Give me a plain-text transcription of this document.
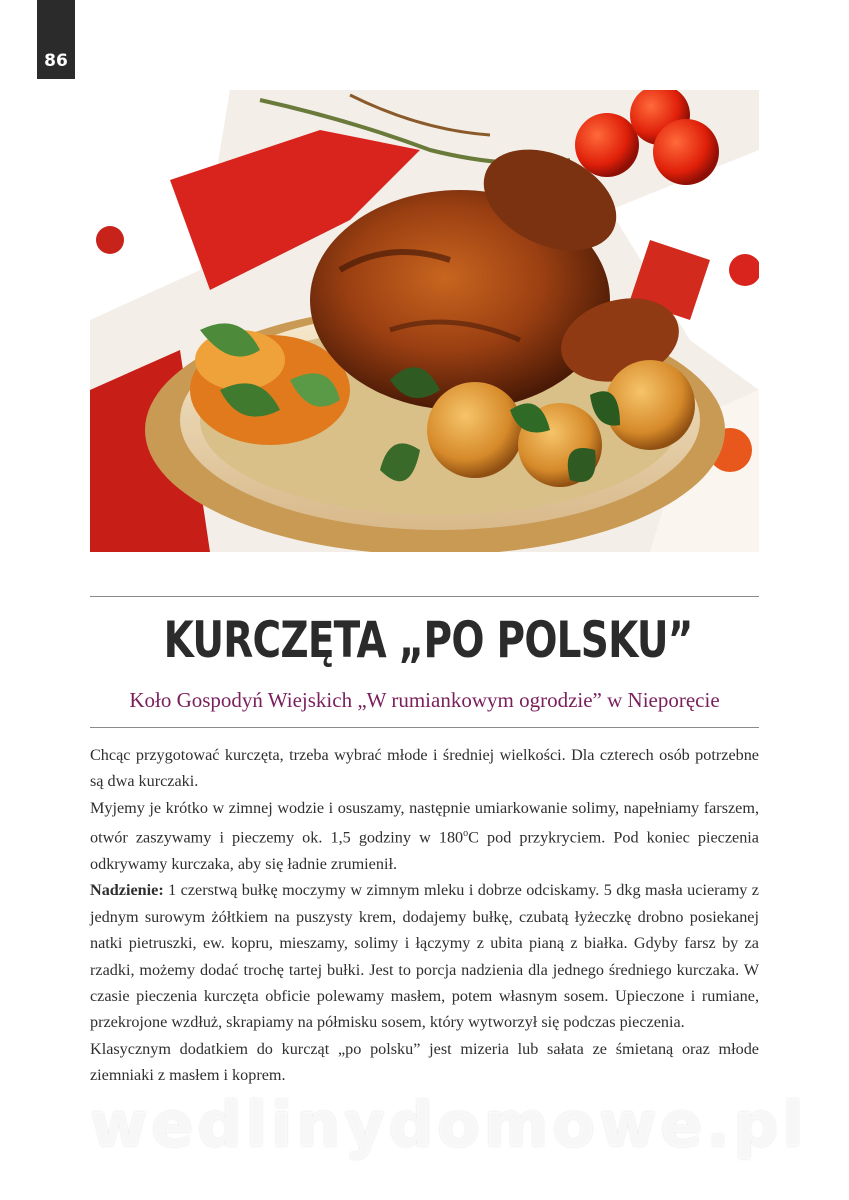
86
KURCZĘTA „PO POLSKU”
Koło Gospodyń Wiejskich „W rumiankowym ogrodzie” w Nieporęcie

Chcąc przygotować kurczęta, trzeba wybrać młode i średniej wielkości. Dla czterech osób potrzebne są dwa kurczaki.

Myjemy je krótko w zimnej wodzie i osuszamy, następnie umiarkowanie solimy, napełniamy farszem, otwór zaszywamy i pieczemy ok. 1,5 godziny w 180$^o$C pod przykryciem. Pod koniec pieczenia odkrywamy kurczaka, aby się ładnie zrumienił.

Nadzienie: 1 czerstwą bułkę moczymy w zimnym mleku i dobrze odciskamy. 5 dkg masła ucieramy z jednym surowym żółtkiem na puszysty krem, dodajemy bułkę, czubatą łyżeczkę drobno posiekanej natki pietruszki, ew. kopru, mieszamy, solimy i łączymy z ubita pianą z białka. Gdyby farsz by za rzadki, możemy dodać trochę tartej bułki. Jest to porcja nadzienia dla jednego średniego kurczaka. W czasie pieczenia kurczęta obficie polewamy masłem, potem własnym sosem. Upieczone i rumiane, przekrojone wzdłuż, skrapiamy na półmisku sosem, który wytworzył się podczas pieczenia.

Klasycznym dodatkiem do kurcząt „po polsku” jest mizeria lub sałata ze śmietaną oraz młode ziemniaki z masłem i koprem.

wedlinydomowe.pl
